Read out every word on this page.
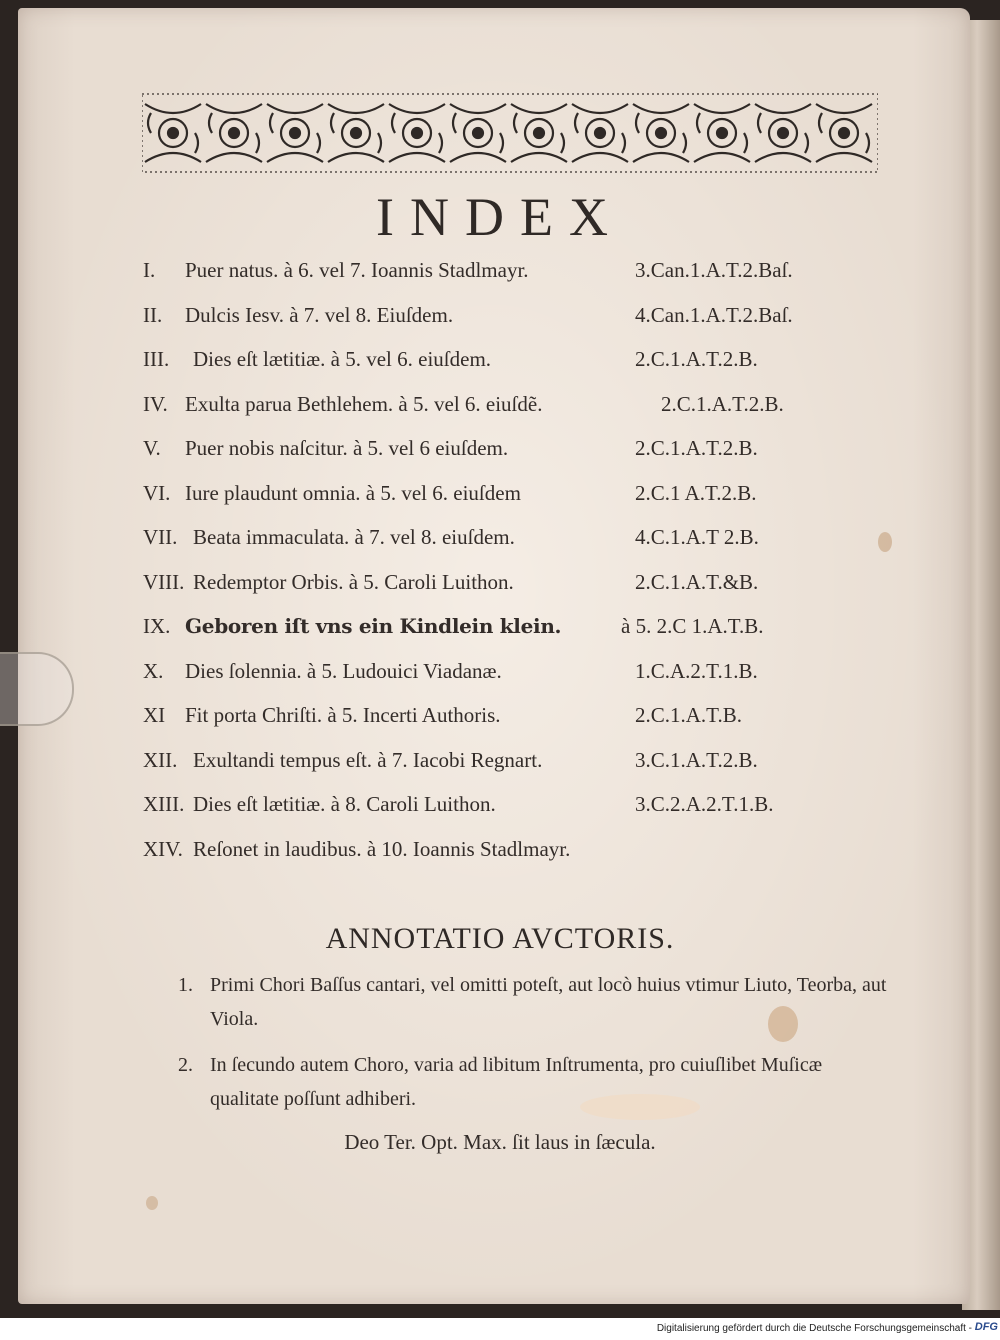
INDEX
I. Puer natus. à 6. vel 7. Ioannis Stadlmayr.	3.Can.1.A.T.2.Baſ.
II. Dulcis Iesv. à 7. vel 8. Eiuſdem.	4.Can.1.A.T.2.Baſ.
III. Dies eſt lætitiæ. à 5. vel 6. eiuſdem.	2.C.1.A.T.2.B.
IV. Exulta parua Bethlehem. à 5. vel 6. eiuſdẽ.	2.C.1.A.T.2.B.
V. Puer nobis naſcitur. à 5. vel 6 eiuſdem.	2.C.1.A.T.2.B.
VI. Iure plaudunt omnia. à 5. vel 6. eiuſdem	2.C.1 A.T.2.B.
VII. Beata immaculata. à 7. vel 8. eiuſdem.	4.C.1.A.T 2.B.
VIII. Redemptor Orbis. à 5. Caroli Luithon.	2.C.1.A.T.&B.
IX. Geboren iſt vns ein Kindlein klein.	à 5. 2.C 1.A.T.B.
X. Dies ſolennia. à 5. Ludouici Viadanæ.	1.C.A.2.T.1.B.
XI Fit porta Chriſti. à 5. Incerti Authoris.	2.C.1.A.T.B.
XII. Exultandi tempus eſt. à 7. Iacobi Regnart.	3.C.1.A.T.2.B.
XIII. Dies eſt lætitiæ. à 8. Caroli Luithon.	3.C.2.A.2.T.1.B.
XIV. Reſonet in laudibus. à 10. Ioannis Stadlmayr.
ANNOTATIO AVCTORIS.
1. Primi Chori Baſſus cantari, vel omitti poteſt, aut locò huius vtimur Liuto, Teorba, aut Viola.
2. In ſecundo autem Choro, varia ad libitum Inſtrumenta, pro cuiuſlibet Muſicæ qualitate poſſunt adhiberi.
Deo Ter. Opt. Max. ſit laus in ſæcula.
Digitalisierung gefördert durch die Deutsche Forschungsgemeinschaft - DFG
